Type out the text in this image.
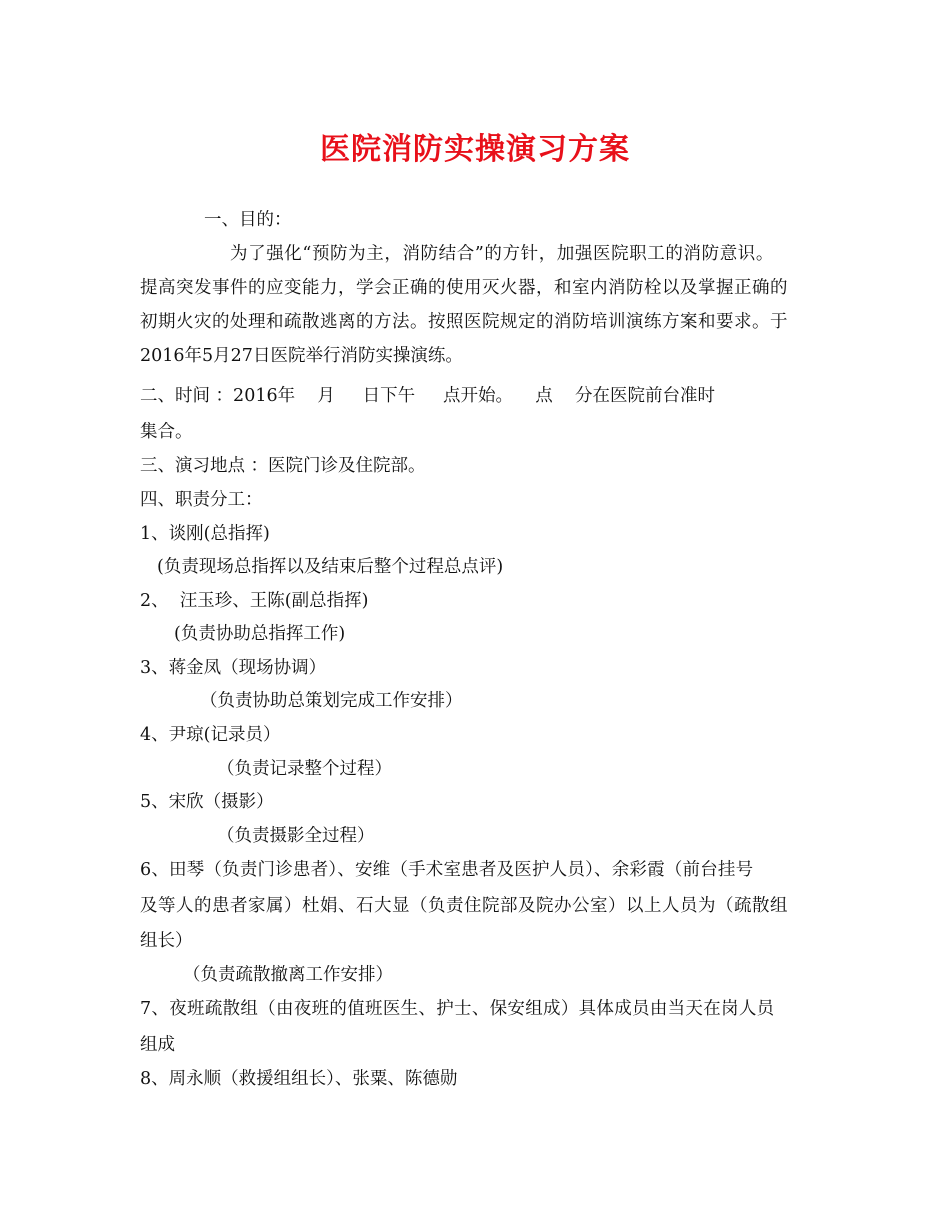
医院消防实操演习方案
一、目的：
为了强化“预防为主，消防结合”的方针，加强医院职工的消防意识。
提高突发事件的应变能力，学会正确的使用灭火器，和室内消防栓以及掌握正确的
初期火灾的处理和疏散逃离的方法。按照医院规定的消防培训演练方案和要求。于
2016年5月27日医院举行消防实操演练。
二、时间 ：2016年    月     日下午     点开始。    点    分在医院前台准时
集合。
三、演习地点 ：医院门诊及住院部。
四、职责分工：
1、谈刚(总指挥)
(负责现场总指挥以及结束后整个过程总点评)
2、  汪玉珍、王陈(副总指挥)
(负责协助总指挥工作)
3、蒋金凤（现场协调）
（负责协助总策划完成工作安排）
4、尹琼(记录员）
（负责记录整个过程）
5、宋欣（摄影）
（负责摄影全过程）
6、田琴（负责门诊患者）、安维（手术室患者及医护人员）、余彩霞（前台挂号
及等人的患者家属）杜娟、石大显（负责住院部及院办公室）以上人员为（疏散组
组长）
（负责疏散撤离工作安排）
7、夜班疏散组（由夜班的值班医生、护士、保安组成）具体成员由当天在岗人员
组成
8、周永顺（救援组组长）、张粟、陈德勋
